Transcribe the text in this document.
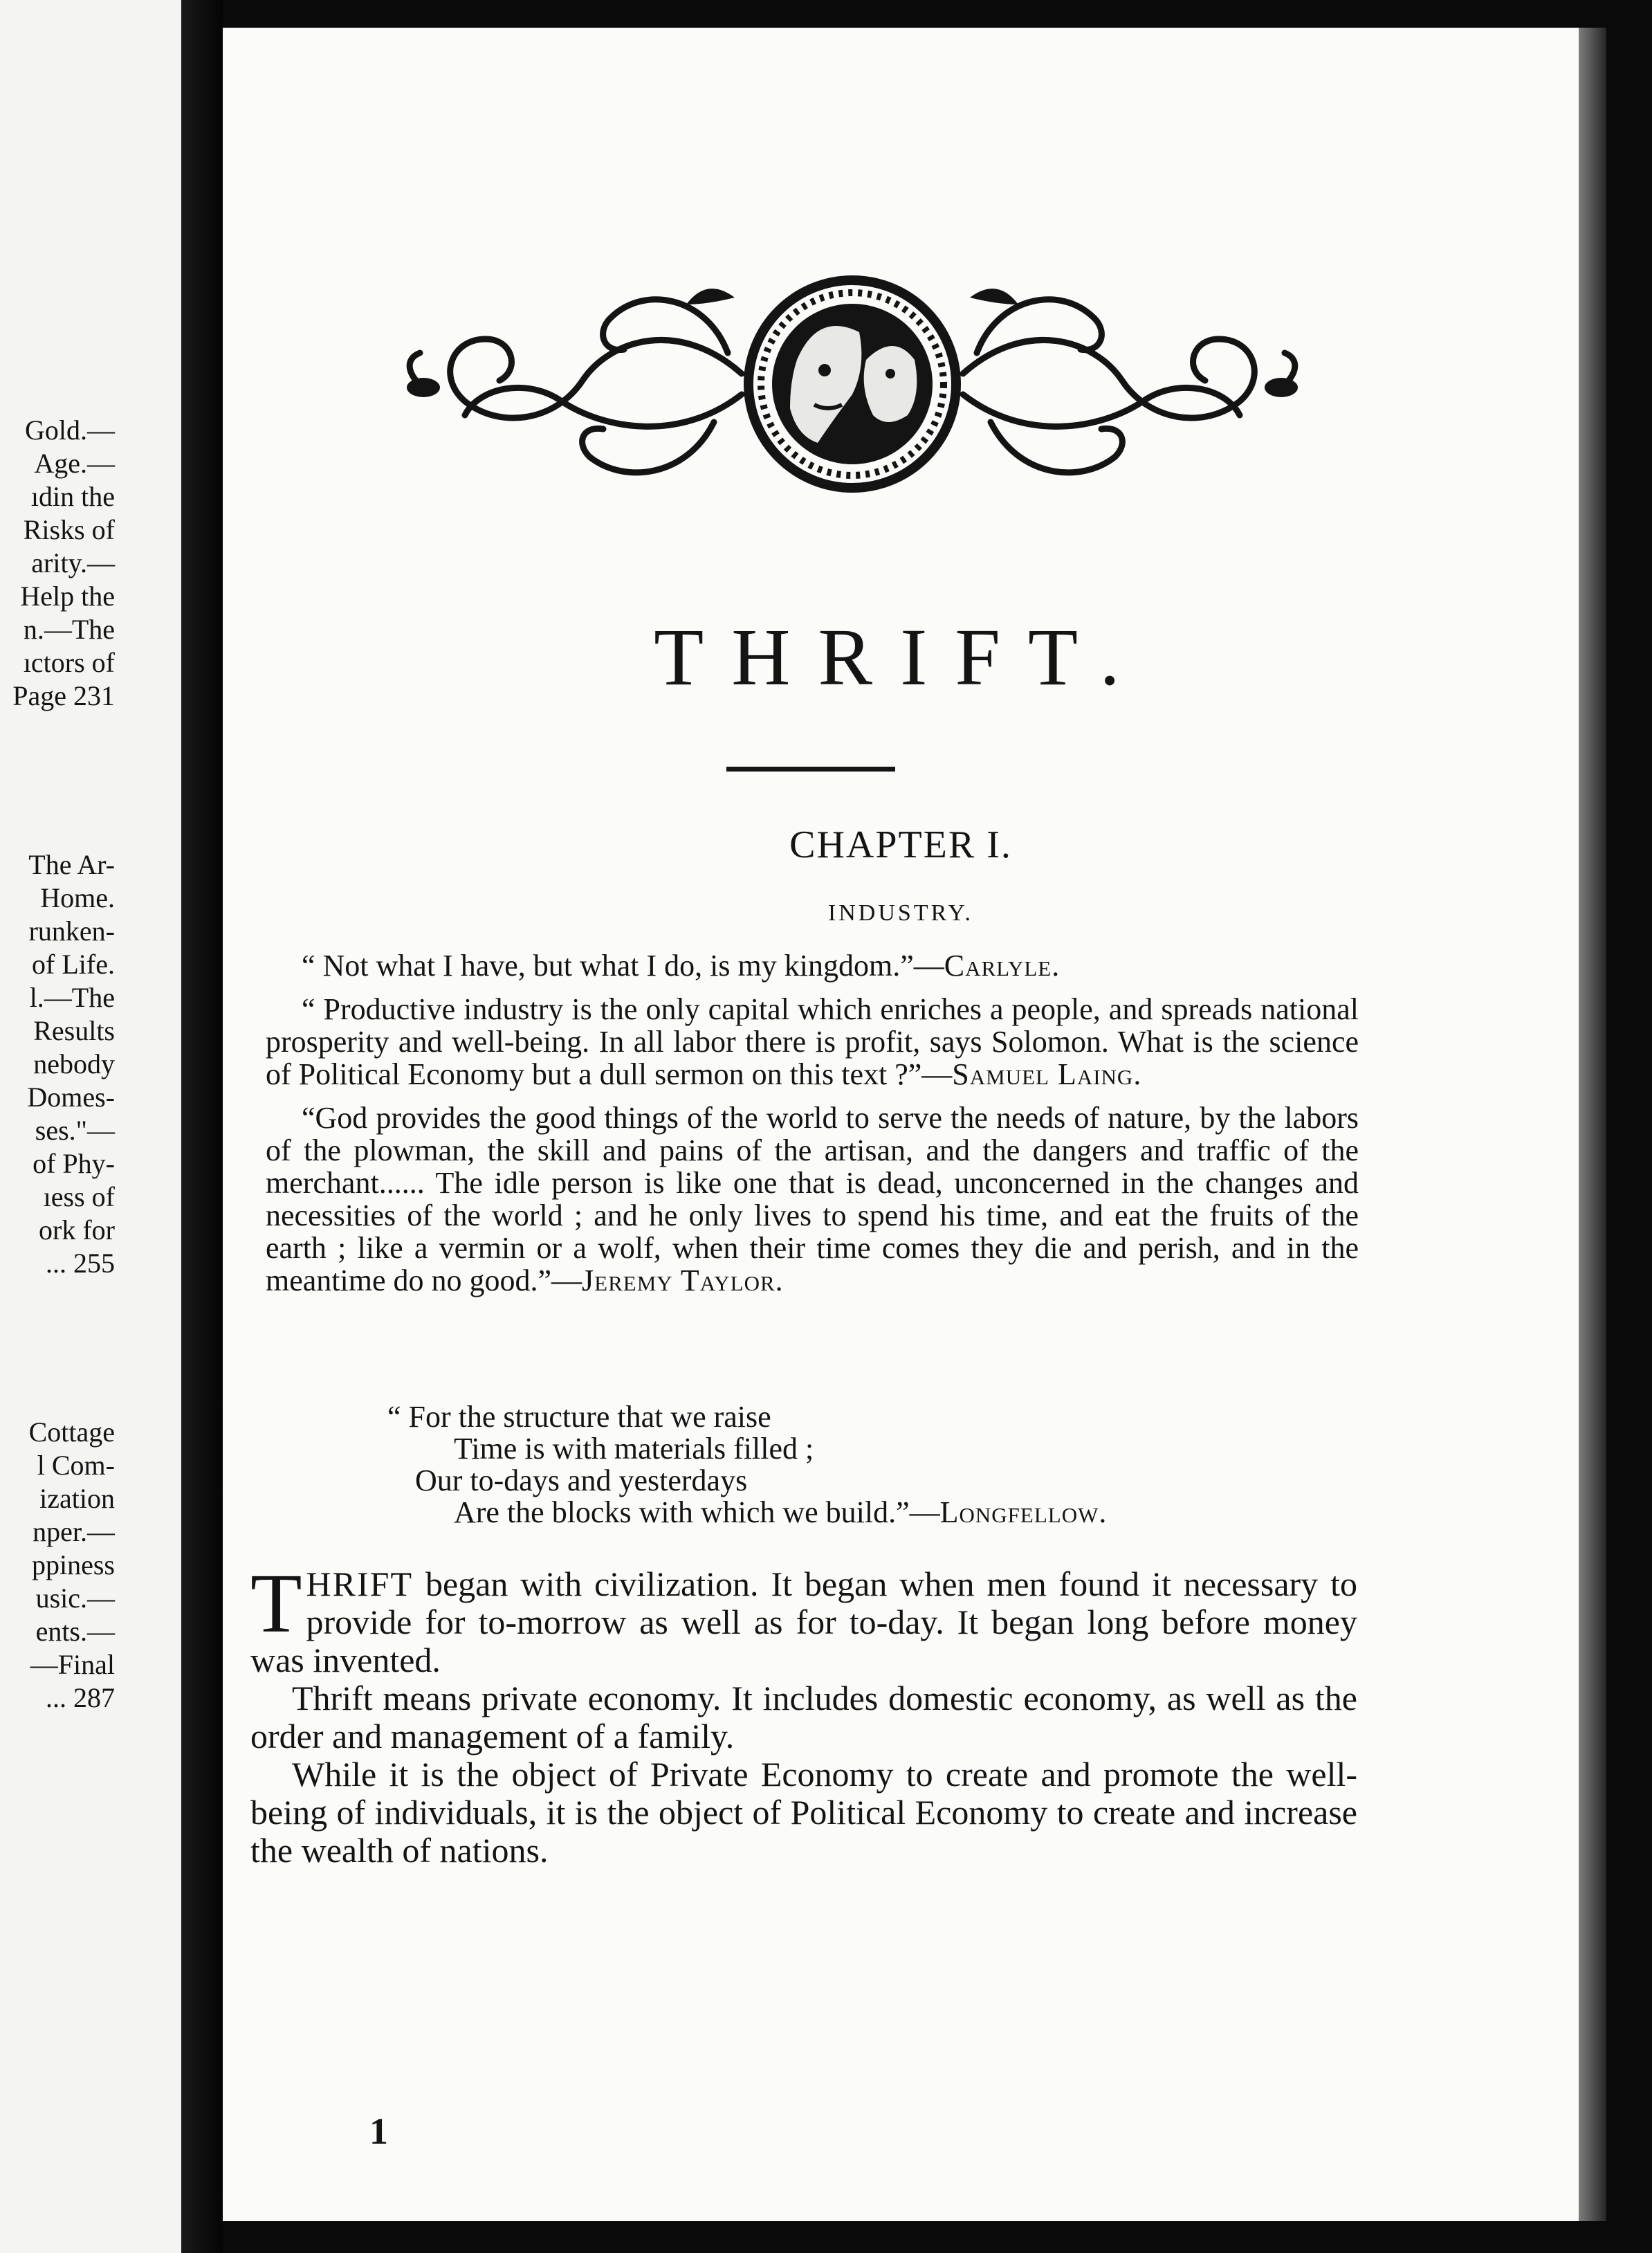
Gold.—
Age.—
ıdin the
Risks of
arity.—
Help the
n.—The
ıctors of
Page 231
The Ar-
Home.
runken-
of Life.
l.—The
Results
nebody
Domes-
ses."—
of Phy-
ıess of
ork for
... 255
Cottage
l Com-
ization
nper.—
ppiness
usic.—
ents.—
—Final
... 287
THRIFT.
CHAPTER I.
INDUSTRY.

“ Not what I have, but what I do, is my kingdom.”—Carlyle.

“ Productive industry is the only capital which enriches a people, and spreads national prosperity and well-being. In all labor there is profit, says Solomon. What is the science of Political Economy but a dull sermon on this text ?”—Samuel Laing.

“God provides the good things of the world to serve the needs of nature, by the labors of the plowman, the skill and pains of the artisan, and the dangers and traffic of the merchant...... The idle person is like one that is dead, unconcerned in the changes and necessities of the world ; and he only lives to spend his time, and eat the fruits of the earth ; like a vermin or a wolf, when their time comes they die and perish, and in the meantime do no good.”—Jeremy Taylor.

“ For the structure that we raise
Time is with materials filled ;
Our to-days and yesterdays
Are the blocks with which we build.”—Longfellow.

THRIFT began with civilization. It began when men found it necessary to provide for to-morrow as well as for to-day. It began long before money was invented.

Thrift means private economy. It includes domestic economy, as well as the order and management of a family.

While it is the object of Private Economy to create and promote the well-being of individuals, it is the object of Political Economy to create and increase the wealth of nations.

1
